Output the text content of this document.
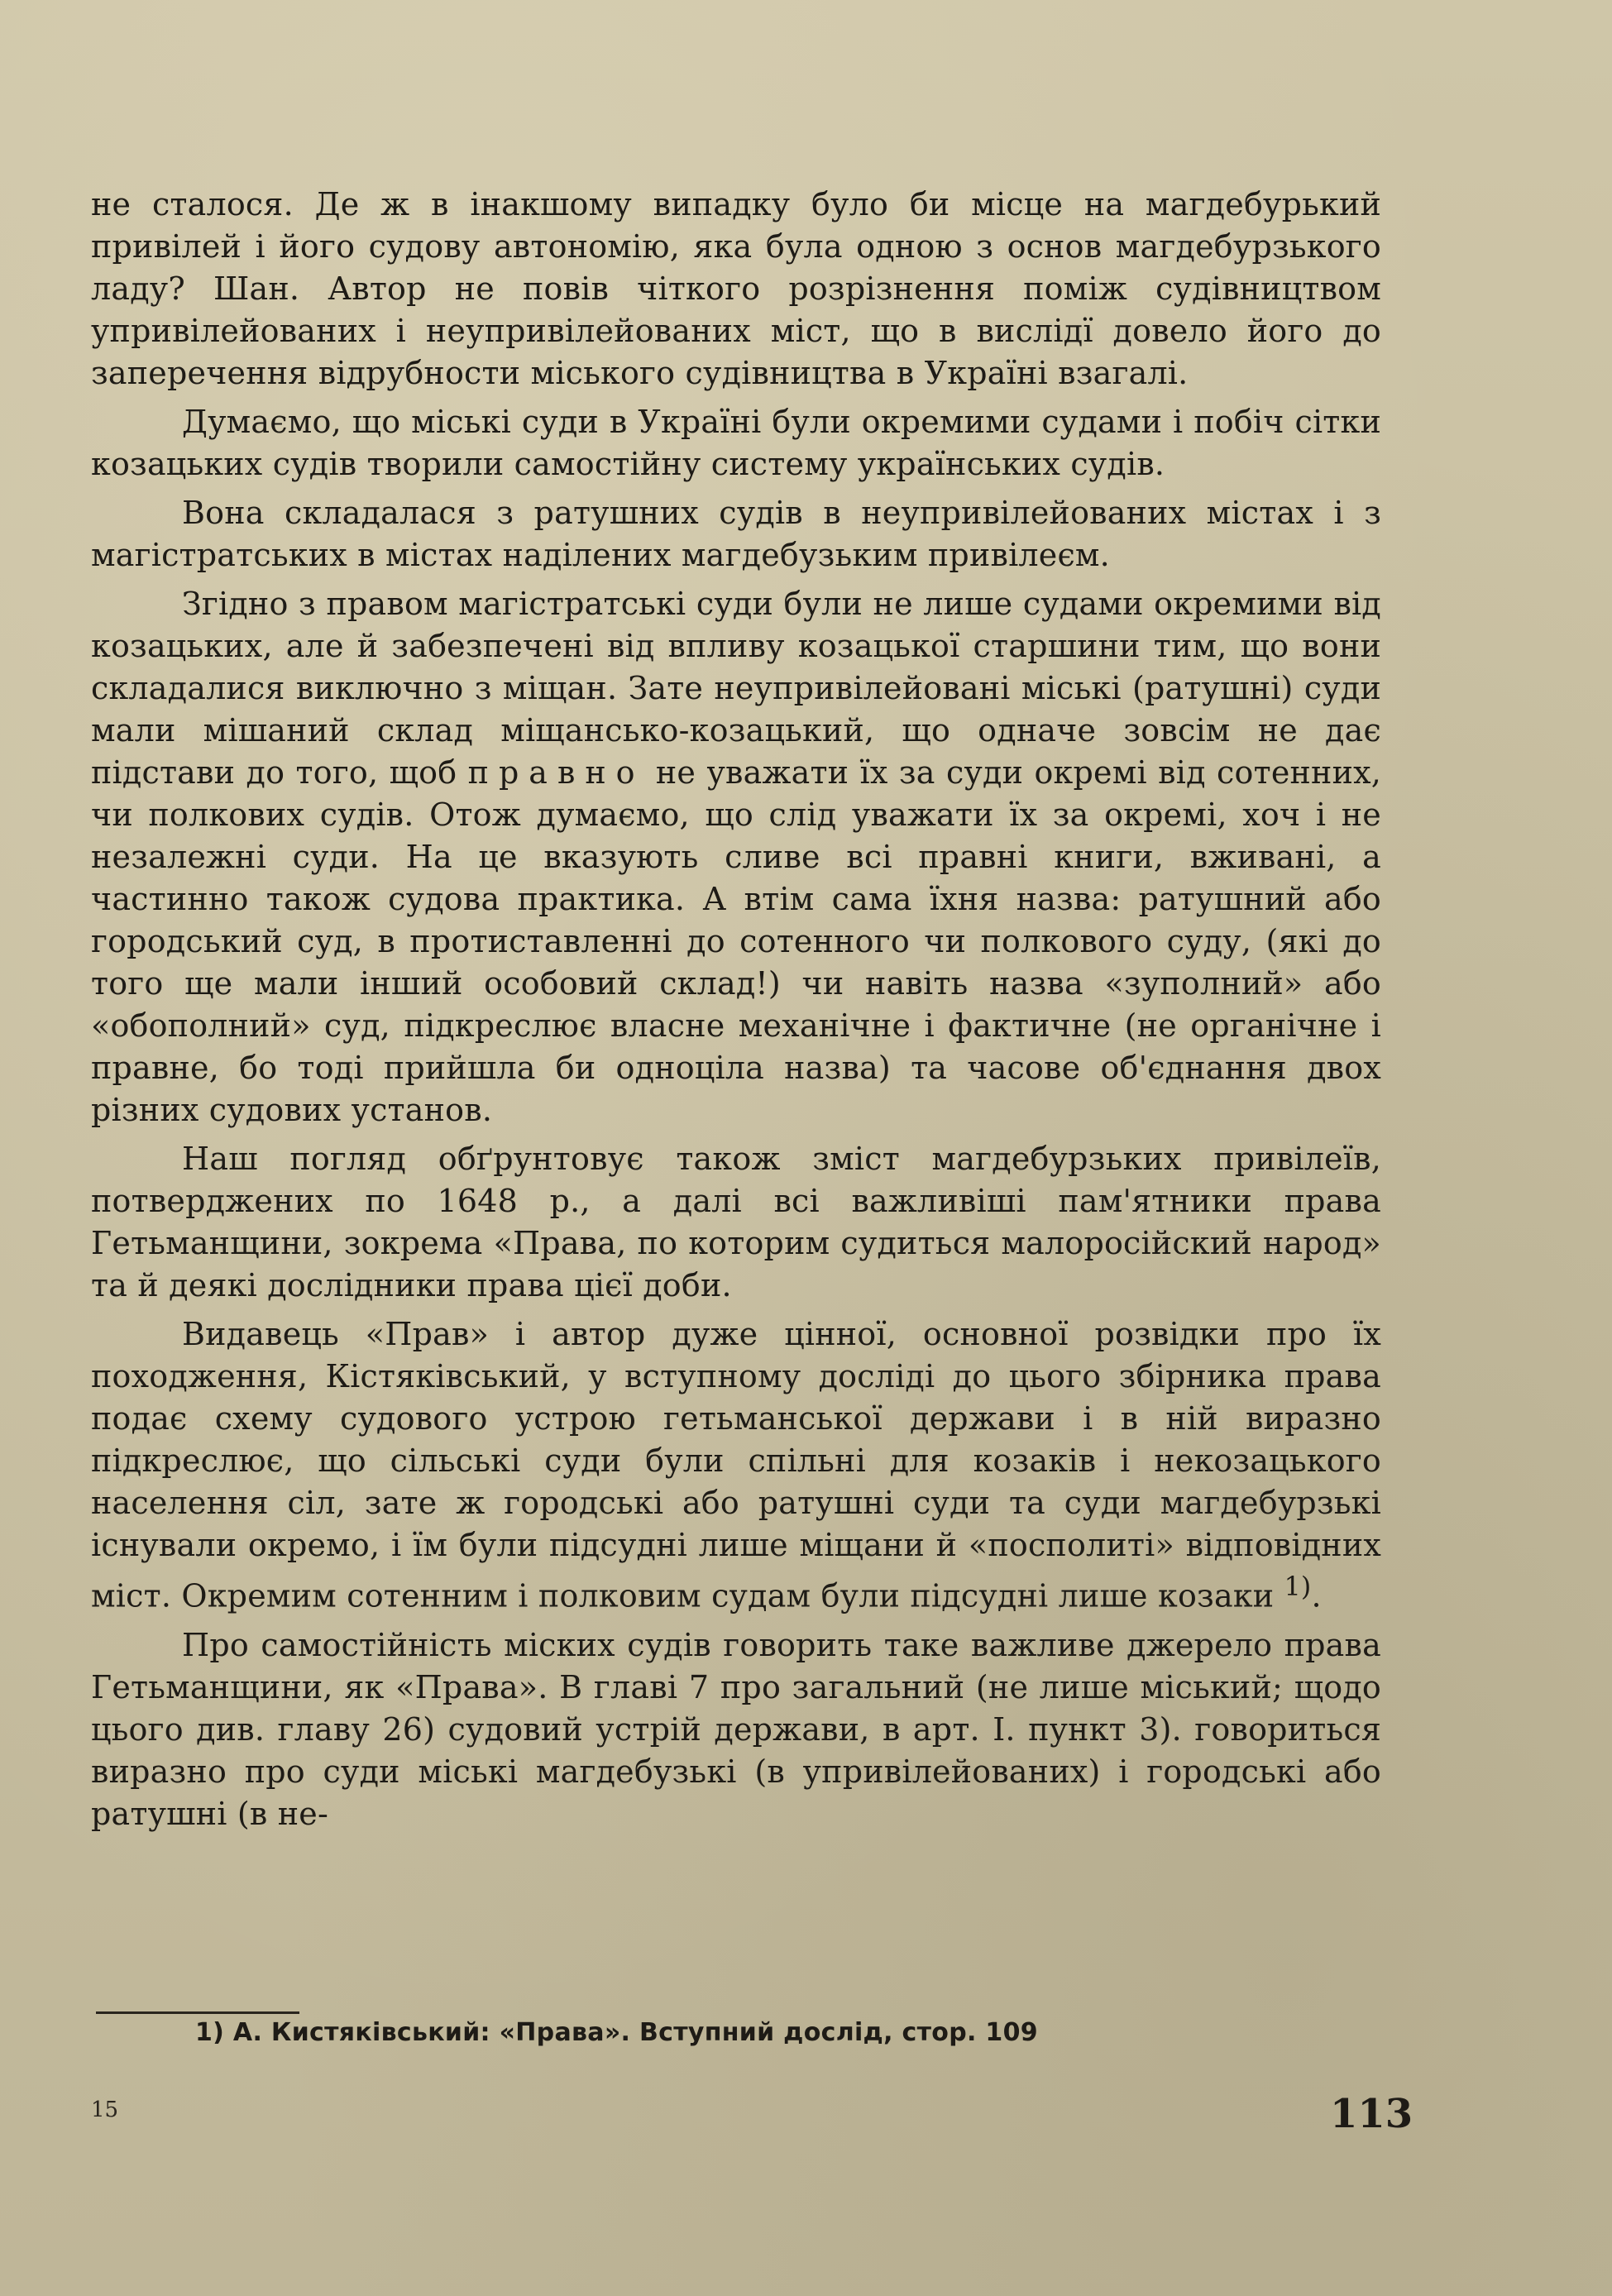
не сталося. Де ж в інакшому випадку було би місце на магдебурький привілей і його судову автономію, яка була одною з основ магдебурзького ладу? Шан. Автор не повів чіткого розрізнення поміж судівництвом упривілейованих і неупривілейованих міст, що в вислідї довело його до заперечення відрубности міського судівництва в Україні взагалі.

Думаємо, що міські суди в Україні були окремими судами і побіч сітки козацьких судів творили самостійну систему українських судів.

Вона складалася з ратушних судів в неупривілейованих містах і з магістратських в містах наділених магдебузьким привілеєм.

Згідно з правом магістратські суди були не лише судами окремими від козацьких, але й забезпечені від впливу козацької старшини тим, що вони складалися виключно з міщан. Зате неупривілейовані міські (ратушні) суди мали мішаний склад міщансько-козацький, що одначе зовсім не дає підстави до того, щоб правно не уважати їх за суди окремі від сотенних, чи полкових судів. Отож думаємо, що слід уважати їх за окремі, хоч і не незалежні суди. На це вказують сливе всі правні книги, вживані, а частинно також судова практика. А втім сама їхня назва: ратушний або городський суд, в протиставленні до сотенного чи полкового суду, (які до того ще мали інший особовий склад!) чи навіть назва «зуполний» або «обополний» суд, підкреслює власне механічне і фактичне (не органічне і правне, бо тоді прийшла би одноціла назва) та часове об'єднання двох різних судових установ.

Наш погляд обґрунтовує також зміст магдебурзьких привілеїв, потверджених по 1648 р., а далі всі важливіші пам'ятники права Гетьманщини, зокрема «Права, по которим судиться малоросійский народ» та й деякі дослідники права цієї доби.

Видавець «Прав» і автор дуже цінної, основної розвідки про їх походження, Кістяківський, у вступному досліді до цього збірника права подає схему судового устрою гетьманської держави і в ній виразно підкреслює, що сільські суди були спільні для козаків і некозацького населення сіл, зате ж городські або ратушні суди та суди магдебурзькі існували окремо, і їм були підсудні лише міщани й «посполиті» відповідних міст. Окремим сотенним і полковим судам були підсудні лише козаки $^{1)}$.

Про самостійність міских судів говорить таке важливе джерело права Гетьманщини, як «Права». В главі 7 про загальний (не лише міський; щодо цього див. главу 26) судовий устрій держави, в арт. І. пункт 3). говориться виразно про суди міські магдебузькі (в упривілейованих) і городські або ратушні (в не-

1) А. Кистяківський: «Права». Вступний дослід, стор. 109
15	113
